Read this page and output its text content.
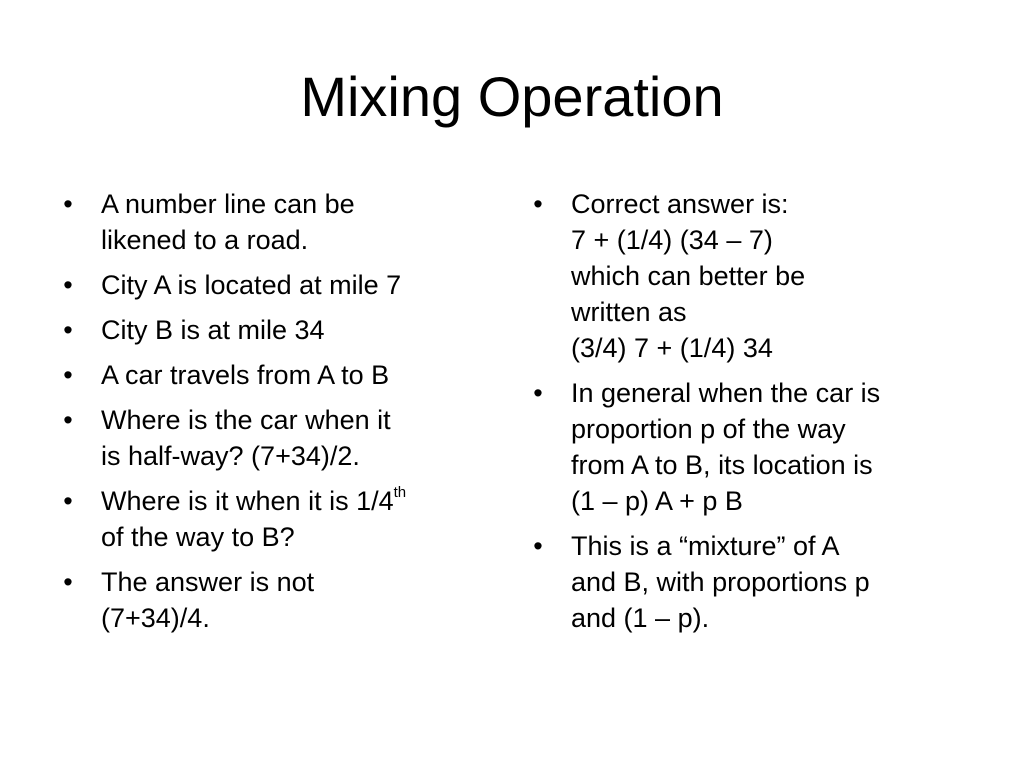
Mixing Operation
• A number line can be
likened to a road.
• City A is located at mile 7
• City B is at mile 34
• A car travels from A to B
• Where is the car when it
is half-way? (7+34)/2.
• Where is it when it is 1/4th
of the way to B?
• The answer is not
(7+34)/4.
• Correct answer is:
7 + (1/4) (34 – 7)
which can better be
written as
(3/4) 7 + (1/4) 34
• In general when the car is
proportion p of the way
from A to B, its location is
(1 – p) A + p B
• This is a “mixture” of A
and B, with proportions p
and (1 – p).
